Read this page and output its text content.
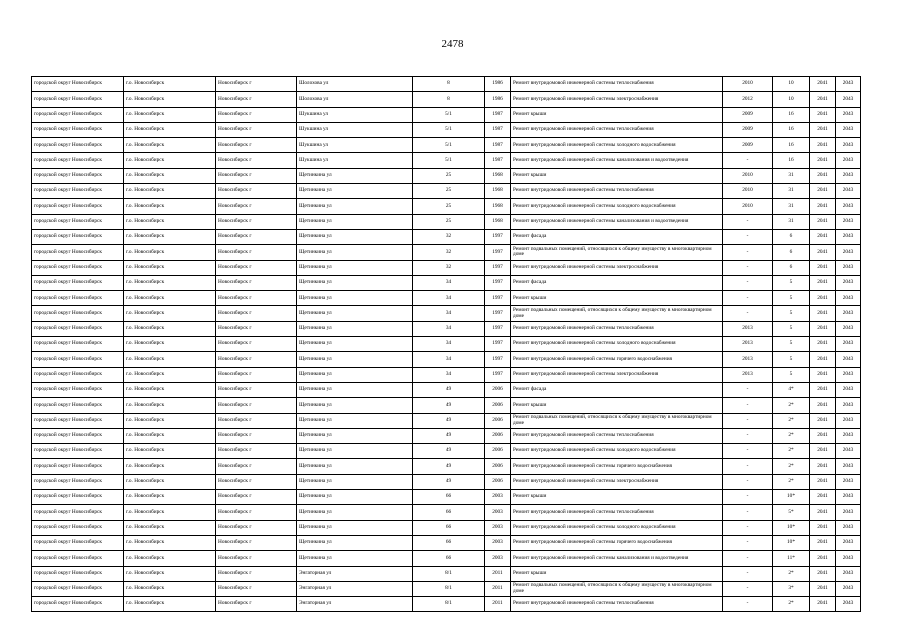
2478
городской округ Новосибирск	г.о. Новосибирск	Новосибирск г	Шолохова ул	8	1986	Ремонт внутридомовой инженерной системы теплоснабжения	2010	10	2041	2043
городской округ Новосибирск	г.о. Новосибирск	Новосибирск г	Шолохова ул	8	1986	Ремонт внутридомовой инженерной системы электроснабжения	2012	10	2041	2043
городской округ Новосибирск	г.о. Новосибирск	Новосибирск г	Шукшина ул	5/1	1987	Ремонт крыши	2009	16	2041	2043
городской округ Новосибирск	г.о. Новосибирск	Новосибирск г	Шукшина ул	5/1	1987	Ремонт внутридомовой инженерной системы теплоснабжения	2009	16	2041	2043
городской округ Новосибирск	г.о. Новосибирск	Новосибирск г	Шукшина ул	5/1	1987	Ремонт внутридомовой инженерной системы холодного водоснабжения	2009	16	2041	2043
городской округ Новосибирск	г.о. Новосибирск	Новосибирск г	Шукшина ул	5/1	1987	Ремонт внутридомовой инженерной системы канализования и водоотведения	-	16	2041	2043
городской округ Новосибирск	г.о. Новосибирск	Новосибирск г	Щетинкина ул	25	1968	Ремонт крыши	2010	31	2041	2043
городской округ Новосибирск	г.о. Новосибирск	Новосибирск г	Щетинкина ул	25	1968	Ремонт внутридомовой инженерной системы теплоснабжения	2010	31	2041	2043
городской округ Новосибирск	г.о. Новосибирск	Новосибирск г	Щетинкина ул	25	1968	Ремонт внутридомовой инженерной системы холодного водоснабжения	2010	31	2041	2043
городской округ Новосибирск	г.о. Новосибирск	Новосибирск г	Щетинкина ул	25	1968	Ремонт внутридомовой инженерной системы канализования и водоотведения	-	31	2041	2043
городской округ Новосибирск	г.о. Новосибирск	Новосибирск г	Щетинкина ул	32	1997	Ремонт фасада	-	6	2041	2043
городской округ Новосибирск	г.о. Новосибирск	Новосибирск г	Щетинкина ул	32	1997	Ремонт подвальных помещений, относящихся к общему имуществу в многоквартирном доме	-	6	2041	2043
городской округ Новосибирск	г.о. Новосибирск	Новосибирск г	Щетинкина ул	32	1997	Ремонт внутридомовой инженерной системы электроснабжения	-	6	2041	2043
городской округ Новосибирск	г.о. Новосибирск	Новосибирск г	Щетинкина ул	34	1997	Ремонт фасада	-	5	2041	2043
городской округ Новосибирск	г.о. Новосибирск	Новосибирск г	Щетинкина ул	34	1997	Ремонт крыши	-	5	2041	2043
городской округ Новосибирск	г.о. Новосибирск	Новосибирск г	Щетинкина ул	34	1997	Ремонт подвальных помещений, относящихся к общему имуществу в многоквартирном доме	-	5	2041	2043
городской округ Новосибирск	г.о. Новосибирск	Новосибирск г	Щетинкина ул	34	1997	Ремонт внутридомовой инженерной системы теплоснабжения	2013	5	2041	2043
городской округ Новосибирск	г.о. Новосибирск	Новосибирск г	Щетинкина ул	34	1997	Ремонт внутридомовой инженерной системы холодного водоснабжения	2013	5	2041	2043
городской округ Новосибирск	г.о. Новосибирск	Новосибирск г	Щетинкина ул	34	1997	Ремонт внутридомовой инженерной системы горячего водоснабжения	2013	5	2041	2043
городской округ Новосибирск	г.о. Новосибирск	Новосибирск г	Щетинкина ул	34	1997	Ремонт внутридомовой инженерной системы электроснабжения	2013	5	2041	2043
городской округ Новосибирск	г.о. Новосибирск	Новосибирск г	Щетинкина ул	49	2006	Ремонт фасада	-	4*	2041	2043
городской округ Новосибирск	г.о. Новосибирск	Новосибирск г	Щетинкина ул	49	2006	Ремонт крыши	-	2*	2041	2043
городской округ Новосибирск	г.о. Новосибирск	Новосибирск г	Щетинкина ул	49	2006	Ремонт подвальных помещений, относящихся к общему имуществу в многоквартирном доме	-	2*	2041	2043
городской округ Новосибирск	г.о. Новосибирск	Новосибирск г	Щетинкина ул	49	2006	Ремонт внутридомовой инженерной системы теплоснабжения	-	2*	2041	2043
городской округ Новосибирск	г.о. Новосибирск	Новосибирск г	Щетинкина ул	49	2006	Ремонт внутридомовой инженерной системы холодного водоснабжения	-	2*	2041	2043
городской округ Новосибирск	г.о. Новосибирск	Новосибирск г	Щетинкина ул	49	2006	Ремонт внутридомовой инженерной системы горячего водоснабжения	-	2*	2041	2043
городской округ Новосибирск	г.о. Новосибирск	Новосибирск г	Щетинкина ул	49	2006	Ремонт внутридомовой инженерной системы электроснабжения	-	2*	2041	2043
городской округ Новосибирск	г.о. Новосибирск	Новосибирск г	Щетинкина ул	66	2003	Ремонт крыши	-	10*	2041	2043
городской округ Новосибирск	г.о. Новосибирск	Новосибирск г	Щетинкина ул	66	2003	Ремонт внутридомовой инженерной системы теплоснабжения	-	5*	2041	2043
городской округ Новосибирск	г.о. Новосибирск	Новосибирск г	Щетинкина ул	66	2003	Ремонт внутридомовой инженерной системы холодного водоснабжения	-	10*	2041	2043
городской округ Новосибирск	г.о. Новосибирск	Новосибирск г	Щетинкина ул	66	2003	Ремонт внутридомовой инженерной системы горячего водоснабжения	-	10*	2041	2043
городской округ Новосибирск	г.о. Новосибирск	Новосибирск г	Щетинкина ул	66	2003	Ремонт внутридомовой инженерной системы канализования и водоотведения	-	11*	2041	2043
городской округ Новосибирск	г.о. Новосибирск	Новосибирск г	Энгаторная ул	8/1	2011	Ремонт крыши	-	2*	2041	2043
городской округ Новосибирск	г.о. Новосибирск	Новосибирск г	Энгаторная ул	8/1	2011	Ремонт подвальных помещений, относящихся к общему имуществу в многоквартирном доме	-	3*	2041	2043
городской округ Новосибирск	г.о. Новосибирск	Новосибирск г	Энгаторная ул	8/1	2011	Ремонт внутридомовой инженерной системы теплоснабжения	-	2*	2041	2043
